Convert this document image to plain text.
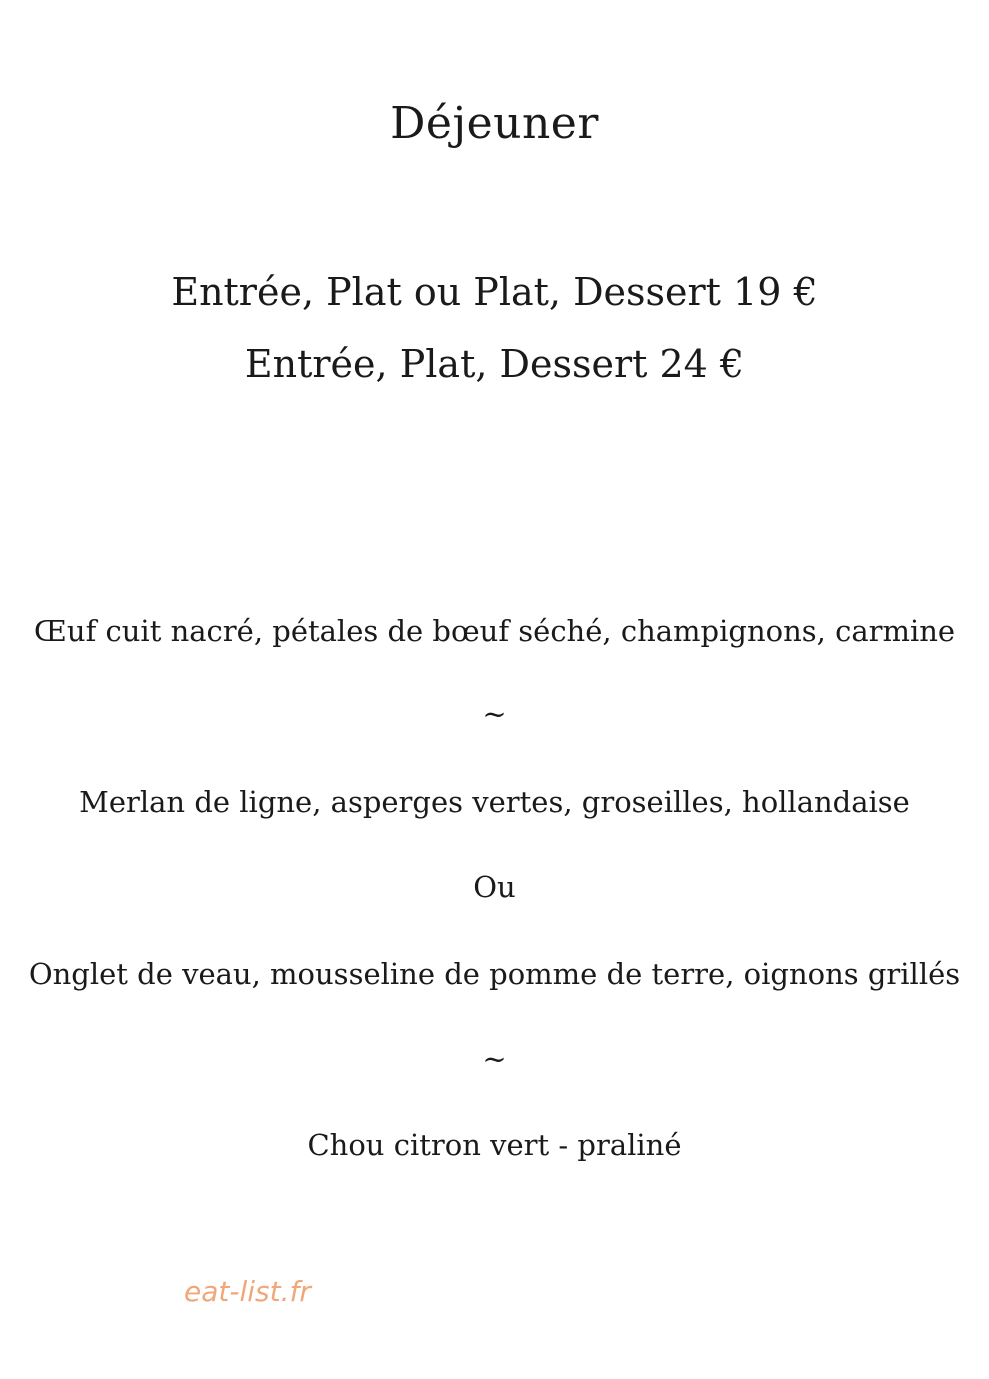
Déjeuner
Entrée, Plat ou Plat, Dessert 19 €
Entrée, Plat, Dessert 24 €
Œuf cuit nacré, pétales de bœuf séché, champignons, carmine
~
Merlan de ligne, asperges vertes, groseilles, hollandaise
Ou
Onglet de veau, mousseline de pomme de terre, oignons grillés
~
Chou citron vert - praliné
eat-list.fr
